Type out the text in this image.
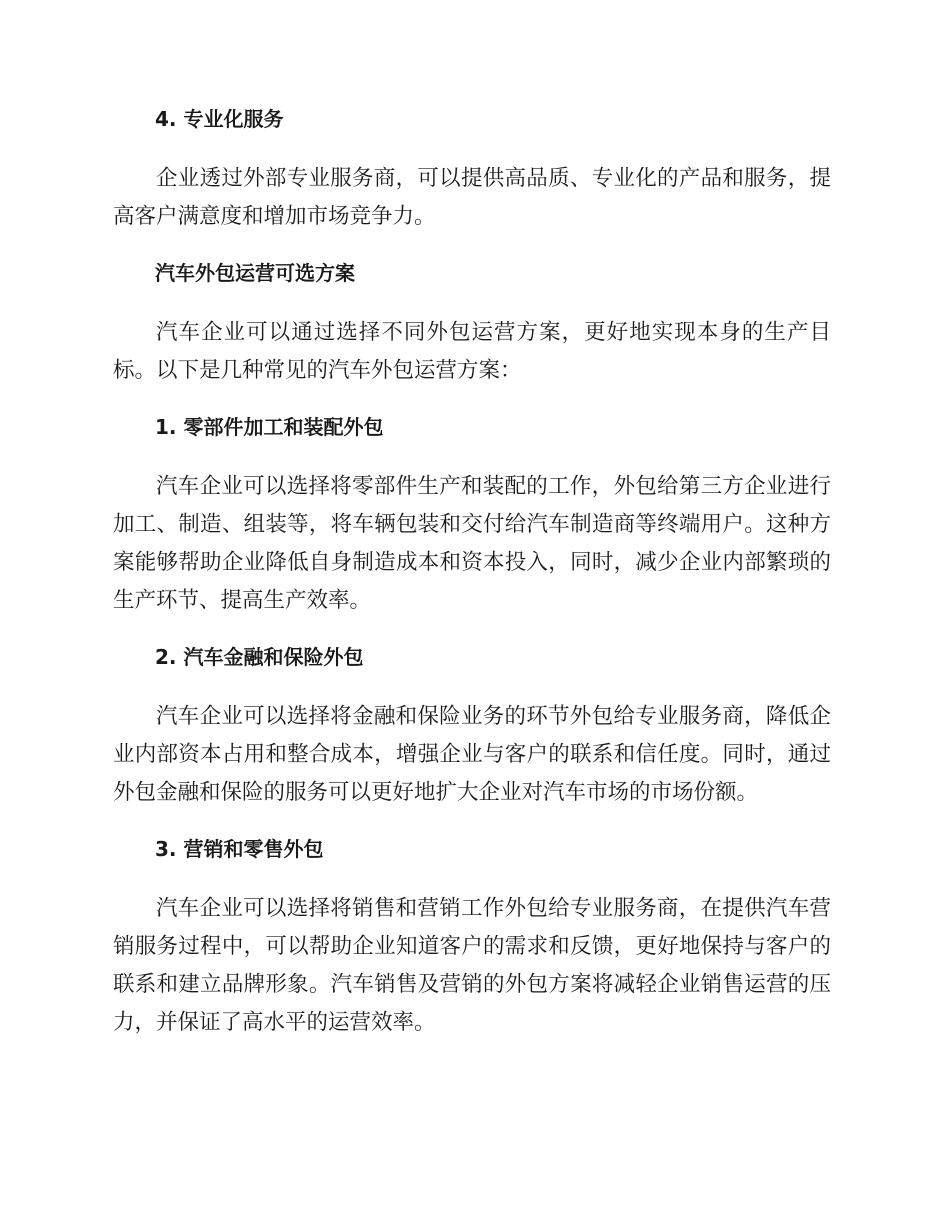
4. 专业化服务

企业透过外部专业服务商，可以提供高品质、专业化的产品和服务，提高客户满意度和增加市场竞争力。

汽车外包运营可选方案

汽车企业可以通过选择不同外包运营方案，更好地实现本身的生产目标。以下是几种常见的汽车外包运营方案：

1. 零部件加工和装配外包

汽车企业可以选择将零部件生产和装配的工作，外包给第三方企业进行加工、制造、组装等，将车辆包装和交付给汽车制造商等终端用户。这种方案能够帮助企业降低自身制造成本和资本投入，同时，减少企业内部繁琐的生产环节、提高生产效率。

2. 汽车金融和保险外包

汽车企业可以选择将金融和保险业务的环节外包给专业服务商，降低企业内部资本占用和整合成本，增强企业与客户的联系和信任度。同时，通过外包金融和保险的服务可以更好地扩大企业对汽车市场的市场份额。

3. 营销和零售外包

汽车企业可以选择将销售和营销工作外包给专业服务商，在提供汽车营销服务过程中，可以帮助企业知道客户的需求和反馈，更好地保持与客户的联系和建立品牌形象。汽车销售及营销的外包方案将减轻企业销售运营的压力，并保证了高水平的运营效率。
